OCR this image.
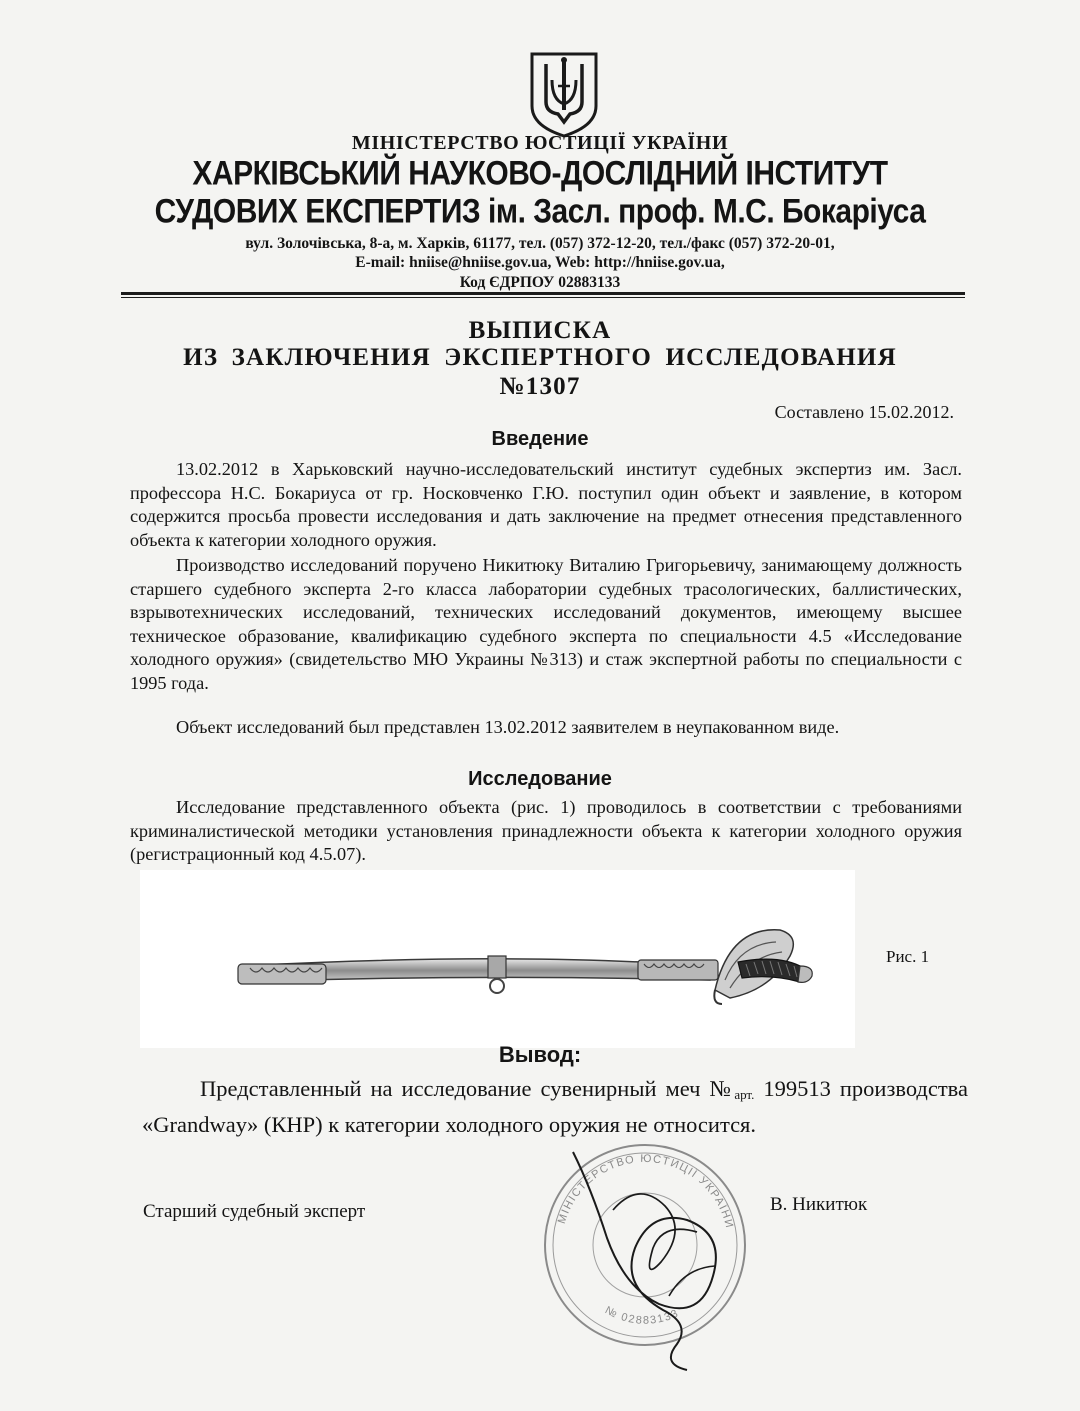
МІНІСТЕРСТВО ЮСТИЦІЇ УКРАЇНИ
ХАРКІВСЬКИЙ НАУКОВО-ДОСЛІДНИЙ ІНСТИТУТ
СУДОВИХ ЕКСПЕРТИЗ ім. Засл. проф. М.С. Бокаріуса
вул. Золочівська, 8-а, м. Харків, 61177, тел. (057) 372-12-20, тел./факс (057) 372-20-01,
E-mail: hniise@hniise.gov.ua, Web: http://hniise.gov.ua,
Код ЄДРПОУ 02883133
ВЫПИСКА
ИЗ ЗАКЛЮЧЕНИЯ ЭКСПЕРТНОГО ИССЛЕДОВАНИЯ
№1307
Составлено 15.02.2012.
Введение
13.02.2012 в Харьковский научно-исследовательский институт судебных экспертиз им. Засл. профессора Н.С. Бокариуса от гр. Носковченко Г.Ю. поступил один объект и заявление, в котором содержится просьба провести исследования и дать заключение на предмет отнесения представленного объекта к категории холодного оружия.
Производство исследований поручено Никитюку Виталию Григорьевичу, занимающему должность старшего судебного эксперта 2-го класса лаборатории судебных трасологических, баллистических, взрывотехнических исследований, технических исследований документов, имеющему высшее техническое образование, квалификацию судебного эксперта по специальности 4.5 «Исследование холодного оружия» (свидетельство МЮ Украины №313) и стаж экспертной работы по специальности с 1995 года.
Объект исследований был представлен 13.02.2012 заявителем в неупакованном виде.
Исследование
Исследование представленного объекта (рис. 1) проводилось в соответствии с требованиями криминалистической методики установления принадлежности объекта к категории холодного оружия (регистрационный код 4.5.07).
Рис. 1
Вывод:
Представленный на исследование сувенирный меч $№_{арт.}$ 199513 производства «Grandway» (КНР) к категории холодного оружия не относится.
МІНІСТЕРСТВО ЮСТИЦІЇ УКРАЇНИ
№ 02883133
Старший судебный эксперт	В. Никитюк
